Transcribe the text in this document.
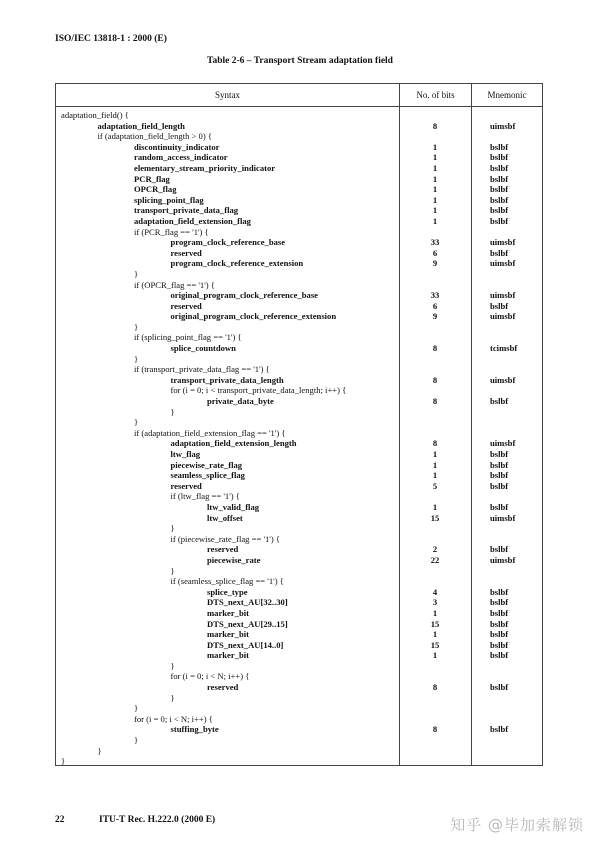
ISO/IEC 13818-1 : 2000 (E)
Table 2-6 – Transport Stream adaptation field
Syntax	No. of bits	Mnemonic
adaptation_field() {
adaptation_field_length	8	uimsbf
if (adaptation_field_length > 0) {
discontinuity_indicator	1	bslbf
random_access_indicator	1	bslbf
elementary_stream_priority_indicator	1	bslbf
PCR_flag	1	bslbf
OPCR_flag	1	bslbf
splicing_point_flag	1	bslbf
transport_private_data_flag	1	bslbf
adaptation_field_extension_flag	1	bslbf
if (PCR_flag == '1') {
program_clock_reference_base	33	uimsbf
reserved	6	bslbf
program_clock_reference_extension	9	uimsbf
}
if (OPCR_flag == '1') {
original_program_clock_reference_base	33	uimsbf
reserved	6	bslbf
original_program_clock_reference_extension	9	uimsbf
}
if (splicing_point_flag == '1') {
splice_countdown	8	tcimsbf
}
if (transport_private_data_flag == '1') {
transport_private_data_length	8	uimsbf
for (i = 0; i < transport_private_data_length; i++) {
private_data_byte	8	bslbf
}
}
if (adaptation_field_extension_flag == '1') {
adaptation_field_extension_length	8	uimsbf
ltw_flag	1	bslbf
piecewise_rate_flag	1	bslbf
seamless_splice_flag	1	bslbf
reserved	5	bslbf
if (ltw_flag == '1') {
ltw_valid_flag	1	bslbf
ltw_offset	15	uimsbf
}
if (piecewise_rate_flag == '1') {
reserved	2	bslbf
piecewise_rate	22	uimsbf
}
if (seamless_splice_flag == '1') {
splice_type	4	bslbf
DTS_next_AU[32..30]	3	bslbf
marker_bit	1	bslbf
DTS_next_AU[29..15]	15	bslbf
marker_bit	1	bslbf
DTS_next_AU[14..0]	15	bslbf
marker_bit	1	bslbf
}
for (i = 0; i < N; i++) {
reserved	8	bslbf
}
}
for (i = 0; i < N; i++) {
stuffing_byte	8	bslbf
}
}
}
22	ITU-T Rec. H.222.0 (2000 E)	知乎 @毕加索解锁
